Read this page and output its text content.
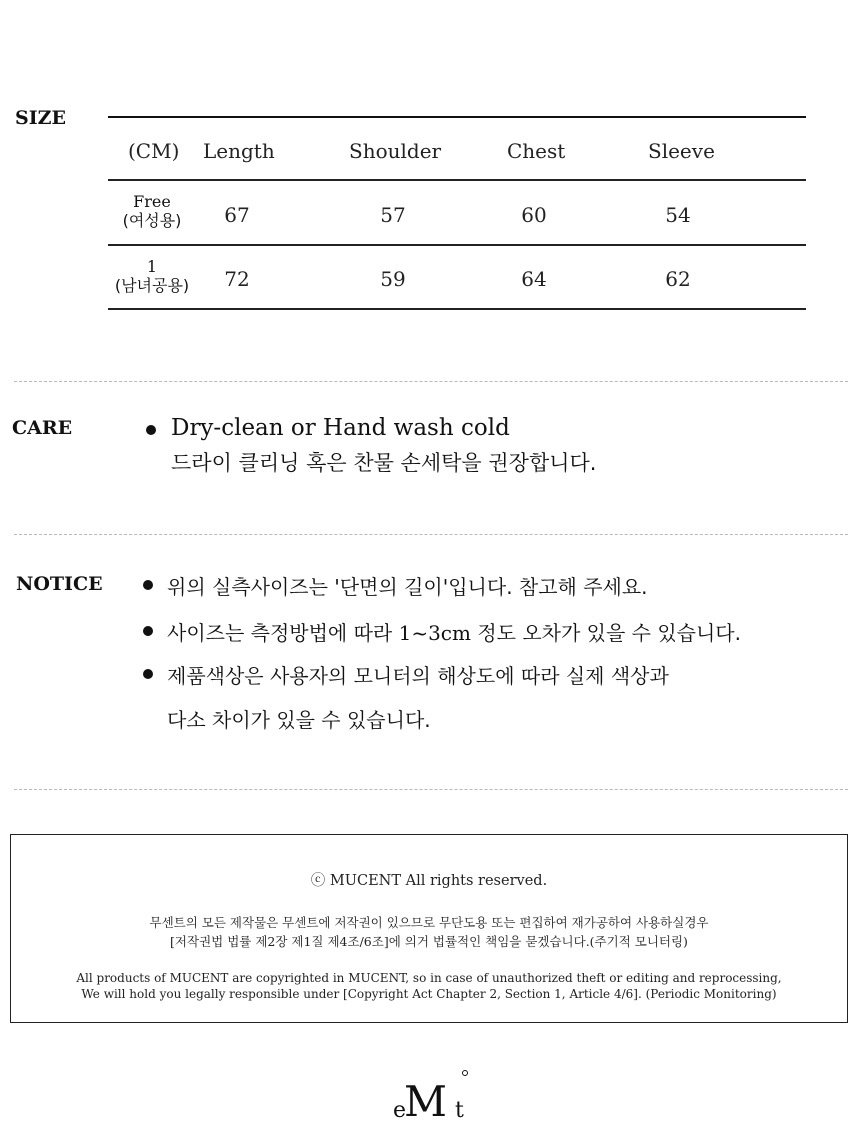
SIZE
(CM) Length	Shoulder	Chest	Sleeve
Free
(여성용) 67	57	60	54
1
(남녀공용) 72	59	64	62
CARE	Dry-clean or Hand wash cold
드라이 클리닝 혹은 찬물 손세탁을 권장합니다.
NOTICE	위의 실측사이즈는 '단면의 길이'입니다. 참고해 주세요.
사이즈는 측정방법에 따라 1~3cm 정도 오차가 있을 수 있습니다.
제품색상은 사용자의 모니터의 해상도에 따라 실제 색상과
다소 차이가 있을 수 있습니다.
ⓒ MUCENT All rights reserved.
무센트의 모든 제작물은 무센트에 저작권이 있으므로 무단도용 또는 편집하여 재가공하여 사용하실경우
[저작권법 법률 제2장 제1질 제4조/6조]에 의거 법률적인 책임을 묻겠습니다.(주기적 모니터링)
All products of MUCENT are copyrighted in MUCENT, so in case of unauthorized theft or editing and reprocessing,
We will hold you legally responsible under [Copyright Act Chapter 2, Section 1, Article 4/6]. (Periodic Monitoring)
e
M t
